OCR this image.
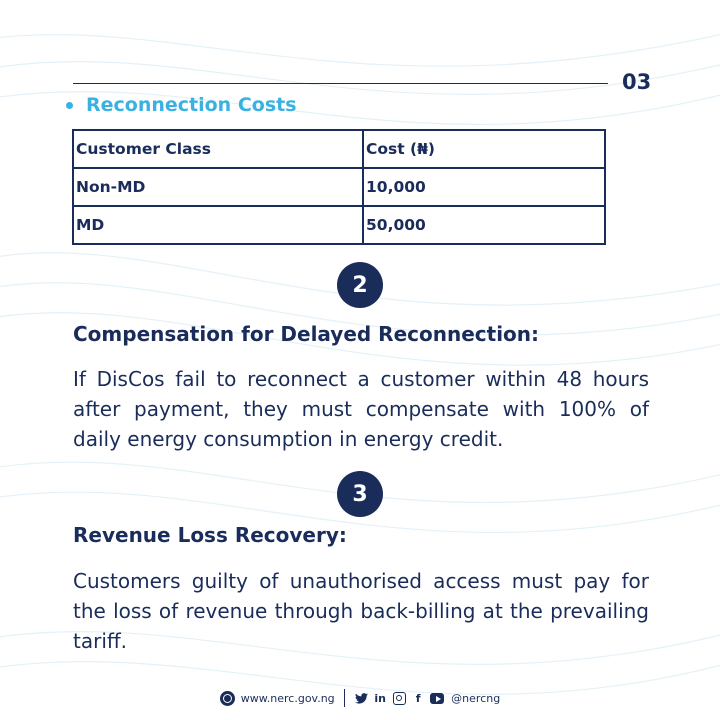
03
Reconnection Costs
Customer Class	Cost (₦)
Non-MD	10,000
MD	50,000
2
Compensation for Delayed Reconnection:
If DisCos fail to reconnect a customer within 48 hours after payment, they must compensate with 100% of daily energy consumption in energy credit.
3
Revenue Loss Recovery:
Customers guilty of unauthorised access must pay for the loss of revenue through back-billing at the prevailing tariff.
www.nerc.gov.ng	in	f	@nercng
